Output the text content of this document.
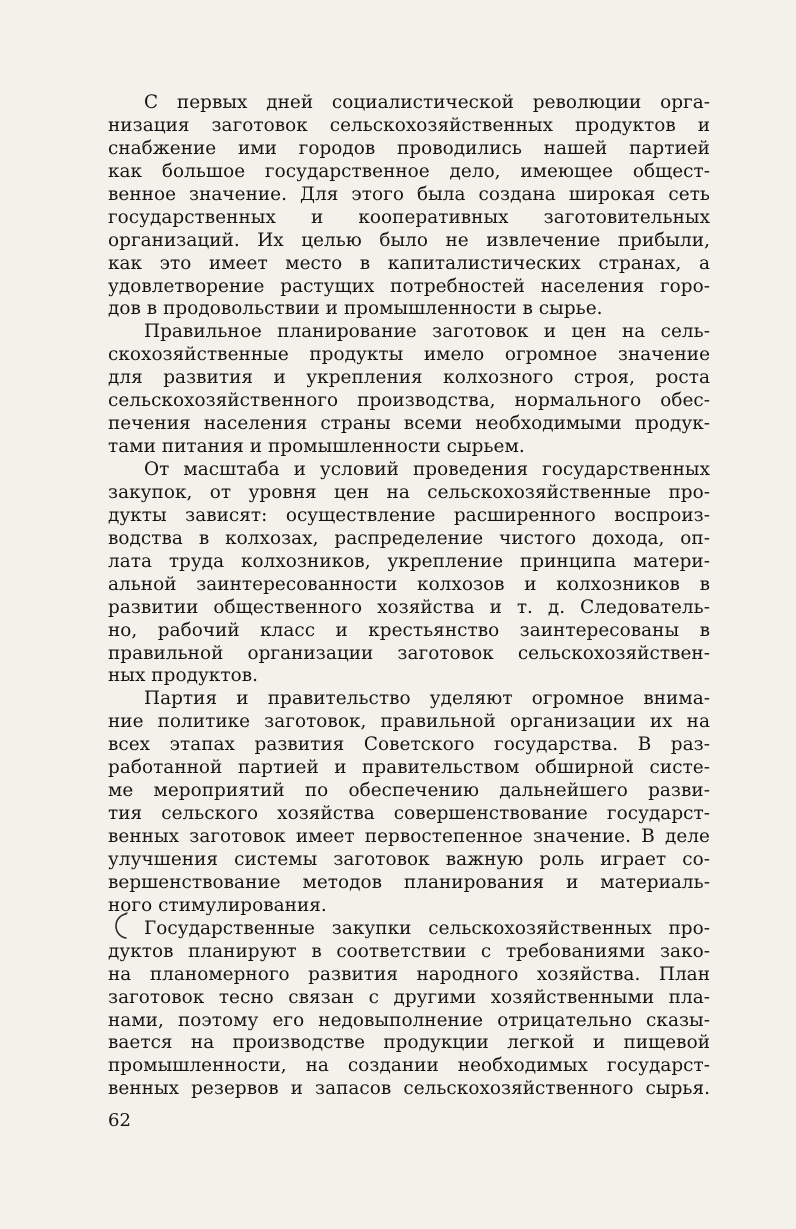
С первых дней социалистической революции орга-
низация заготовок сельскохозяйственных продуктов и
снабжение ими городов проводились нашей партией
как большое государственное дело, имеющее общест-
венное значение. Для этого была создана широкая сеть
государственных и кооперативных заготовительных
организаций. Их целью было не извлечение прибыли,
как это имеет место в капиталистических странах, а
удовлетворение растущих потребностей населения горо-
дов в продовольствии и промышленности в сырье.
Правильное планирование заготовок и цен на сель-
скохозяйственные продукты имело огромное значение
для развития и укрепления колхозного строя, роста
сельскохозяйственного производства, нормального обес-
печения населения страны всеми необходимыми продук-
тами питания и промышленности сырьем.
От масштаба и условий проведения государственных
закупок, от уровня цен на сельскохозяйственные про-
дукты зависят: осуществление расширенного воспроиз-
водства в колхозах, распределение чистого дохода, оп-
лата труда колхозников, укрепление принципа матери-
альной заинтересованности колхозов и колхозников в
развитии общественного хозяйства и т. д. Следователь-
но, рабочий класс и крестьянство заинтересованы в
правильной организации заготовок сельскохозяйствен-
ных продуктов.
Партия и правительство уделяют огромное внима-
ние политике заготовок, правильной организации их на
всех этапах развития Советского государства. В раз-
работанной партией и правительством обширной систе-
ме мероприятий по обеспечению дальнейшего разви-
тия сельского хозяйства совершенствование государст-
венных заготовок имеет первостепенное значение. В деле
улучшения системы заготовок важную роль играет со-
вершенствование методов планирования и материаль-
ного стимулирования.
Государственные закупки сельскохозяйственных про-
дуктов планируют в соответствии с требованиями зако-
на планомерного развития народного хозяйства. План
заготовок тесно связан с другими хозяйственными пла-
нами, поэтому его недовыполнение отрицательно сказы-
вается на производстве продукции легкой и пищевой
промышленности, на создании необходимых государст-
венных резервов и запасов сельскохозяйственного сырья.
62
